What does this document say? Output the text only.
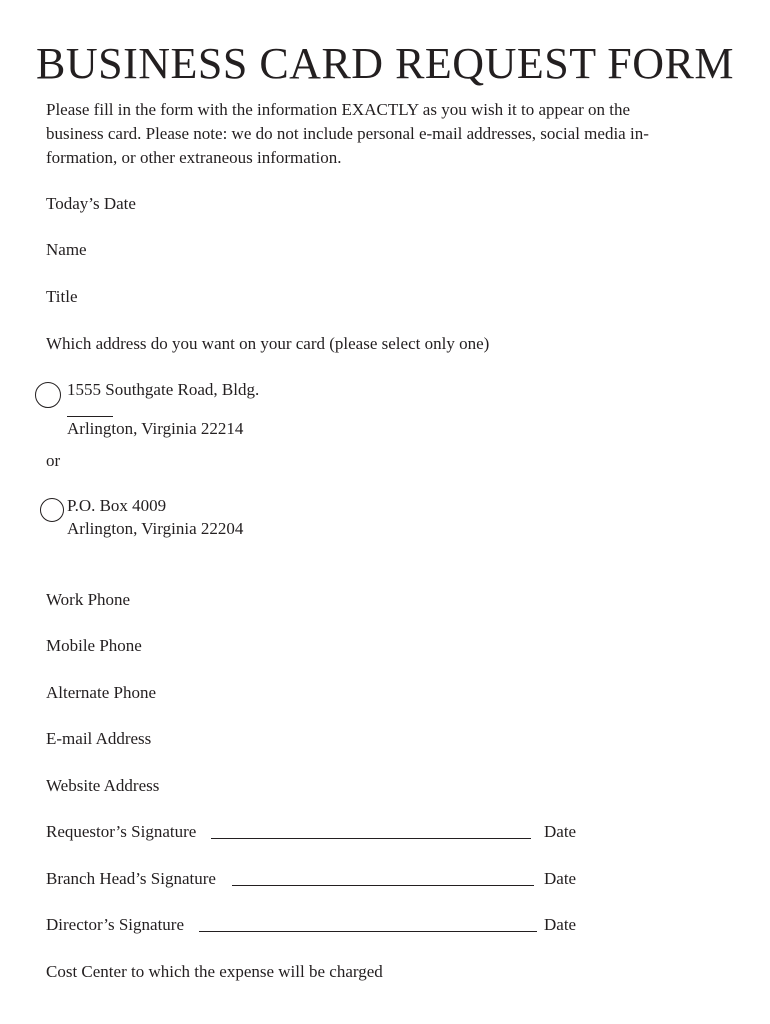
BUSINESS CARD REQUEST FORM
Please fill in the form with the information EXACTLY as you wish it to appear on the
business card. Please note: we do not include personal e-mail addresses, social media in-
formation, or other extraneous information.
Today’s Date
Name
Title
Which address do you want on your card (please select only one)
1555 Southgate Road, Bldg.
Arlington, Virginia 22214
or
P.O. Box 4009
Arlington, Virginia 22204
Work Phone
Mobile Phone
Alternate Phone
E-mail Address
Website Address
Requestor’s Signature	Date
Branch Head’s Signature	Date
Director’s Signature	Date
Cost Center to which the expense will be charged
